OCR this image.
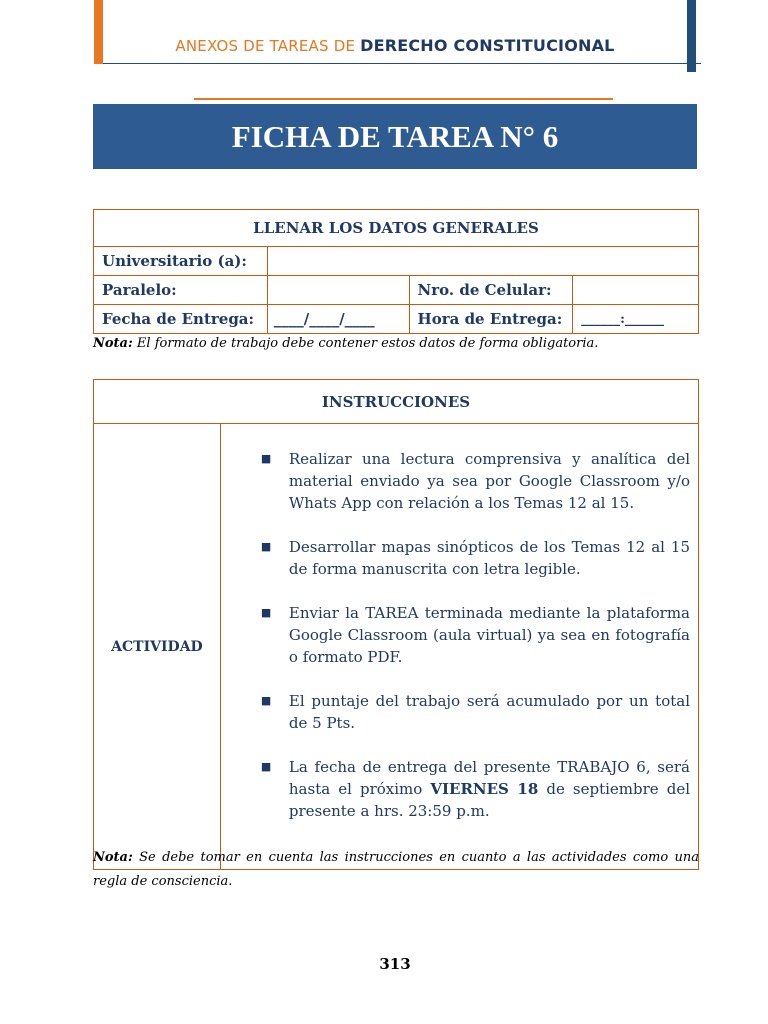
ANEXOS DE TAREAS DE DERECHO CONSTITUCIONAL
FICHA DE TAREA N° 6
LLENAR LOS DATOS GENERALES			
Universitario (a):			
Paralelo:		Nro. de Celular:	
Fecha de Entrega:	____/____/____	Hora de Entrega:	______:______
Nota: El formato de trabajo debe contener estos datos de forma obligatoria.
INSTRUCCIONES
ACTIVIDAD	
■ Realizar una lectura comprensiva y analítica del material enviado ya sea por Google Classroom y/o Whats App con relación a los Temas 12 al 15.
■ Desarrollar mapas sinópticos de los Temas 12 al 15 de forma manuscrita con letra legible.
■ Enviar la TAREA terminada mediante la plataforma Google Classroom (aula virtual) ya sea en fotografía o formato PDF.
■ El puntaje del trabajo será acumulado por un total de 5 Pts.
■ La fecha de entrega del presente TRABAJO 6, será hasta el próximo VIERNES 18 de septiembre del presente a hrs. 23:59 p.m.
Nota: Se debe tomar en cuenta las instrucciones en cuanto a las actividades como una regla de consciencia.
313
